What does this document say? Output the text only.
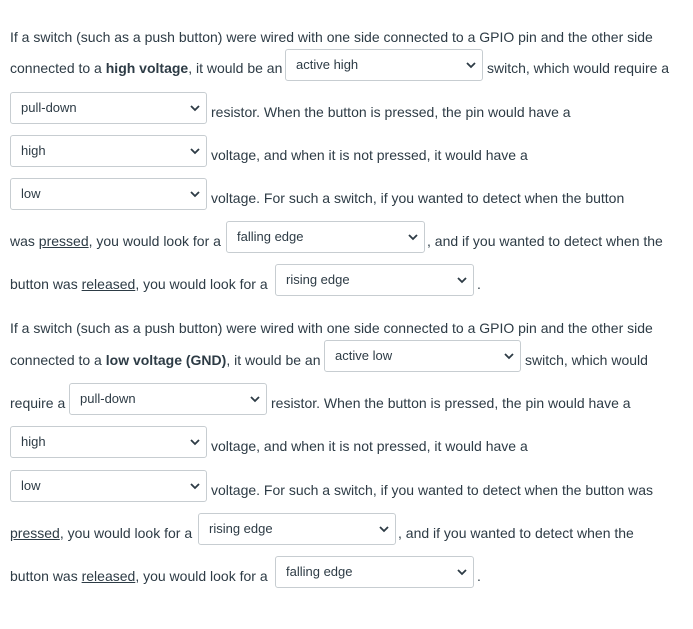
If a switch (such as a push button) were wired with one side connected to a GPIO pin and the other side
connected to a high voltage, it would be an active high	switch, which would require a
pull-down	resistor. When the button is pressed, the pin would have a
high	voltage, and when it is not pressed, it would have a
low	voltage. For such a switch, if you wanted to detect when the button
was pressed, you would look for a falling edge	, and if you wanted to detect when the
button was released, you would look for a rising edge	.
If a switch (such as a push button) were wired with one side connected to a GPIO pin and the other side
connected to a low voltage (GND), it would be an active low	switch, which would
require a pull-down	resistor. When the button is pressed, the pin would have a
high	voltage, and when it is not pressed, it would have a
low	voltage. For such a switch, if you wanted to detect when the button was
pressed, you would look for a rising edge	, and if you wanted to detect when the
button was released, you would look for a falling edge	.
